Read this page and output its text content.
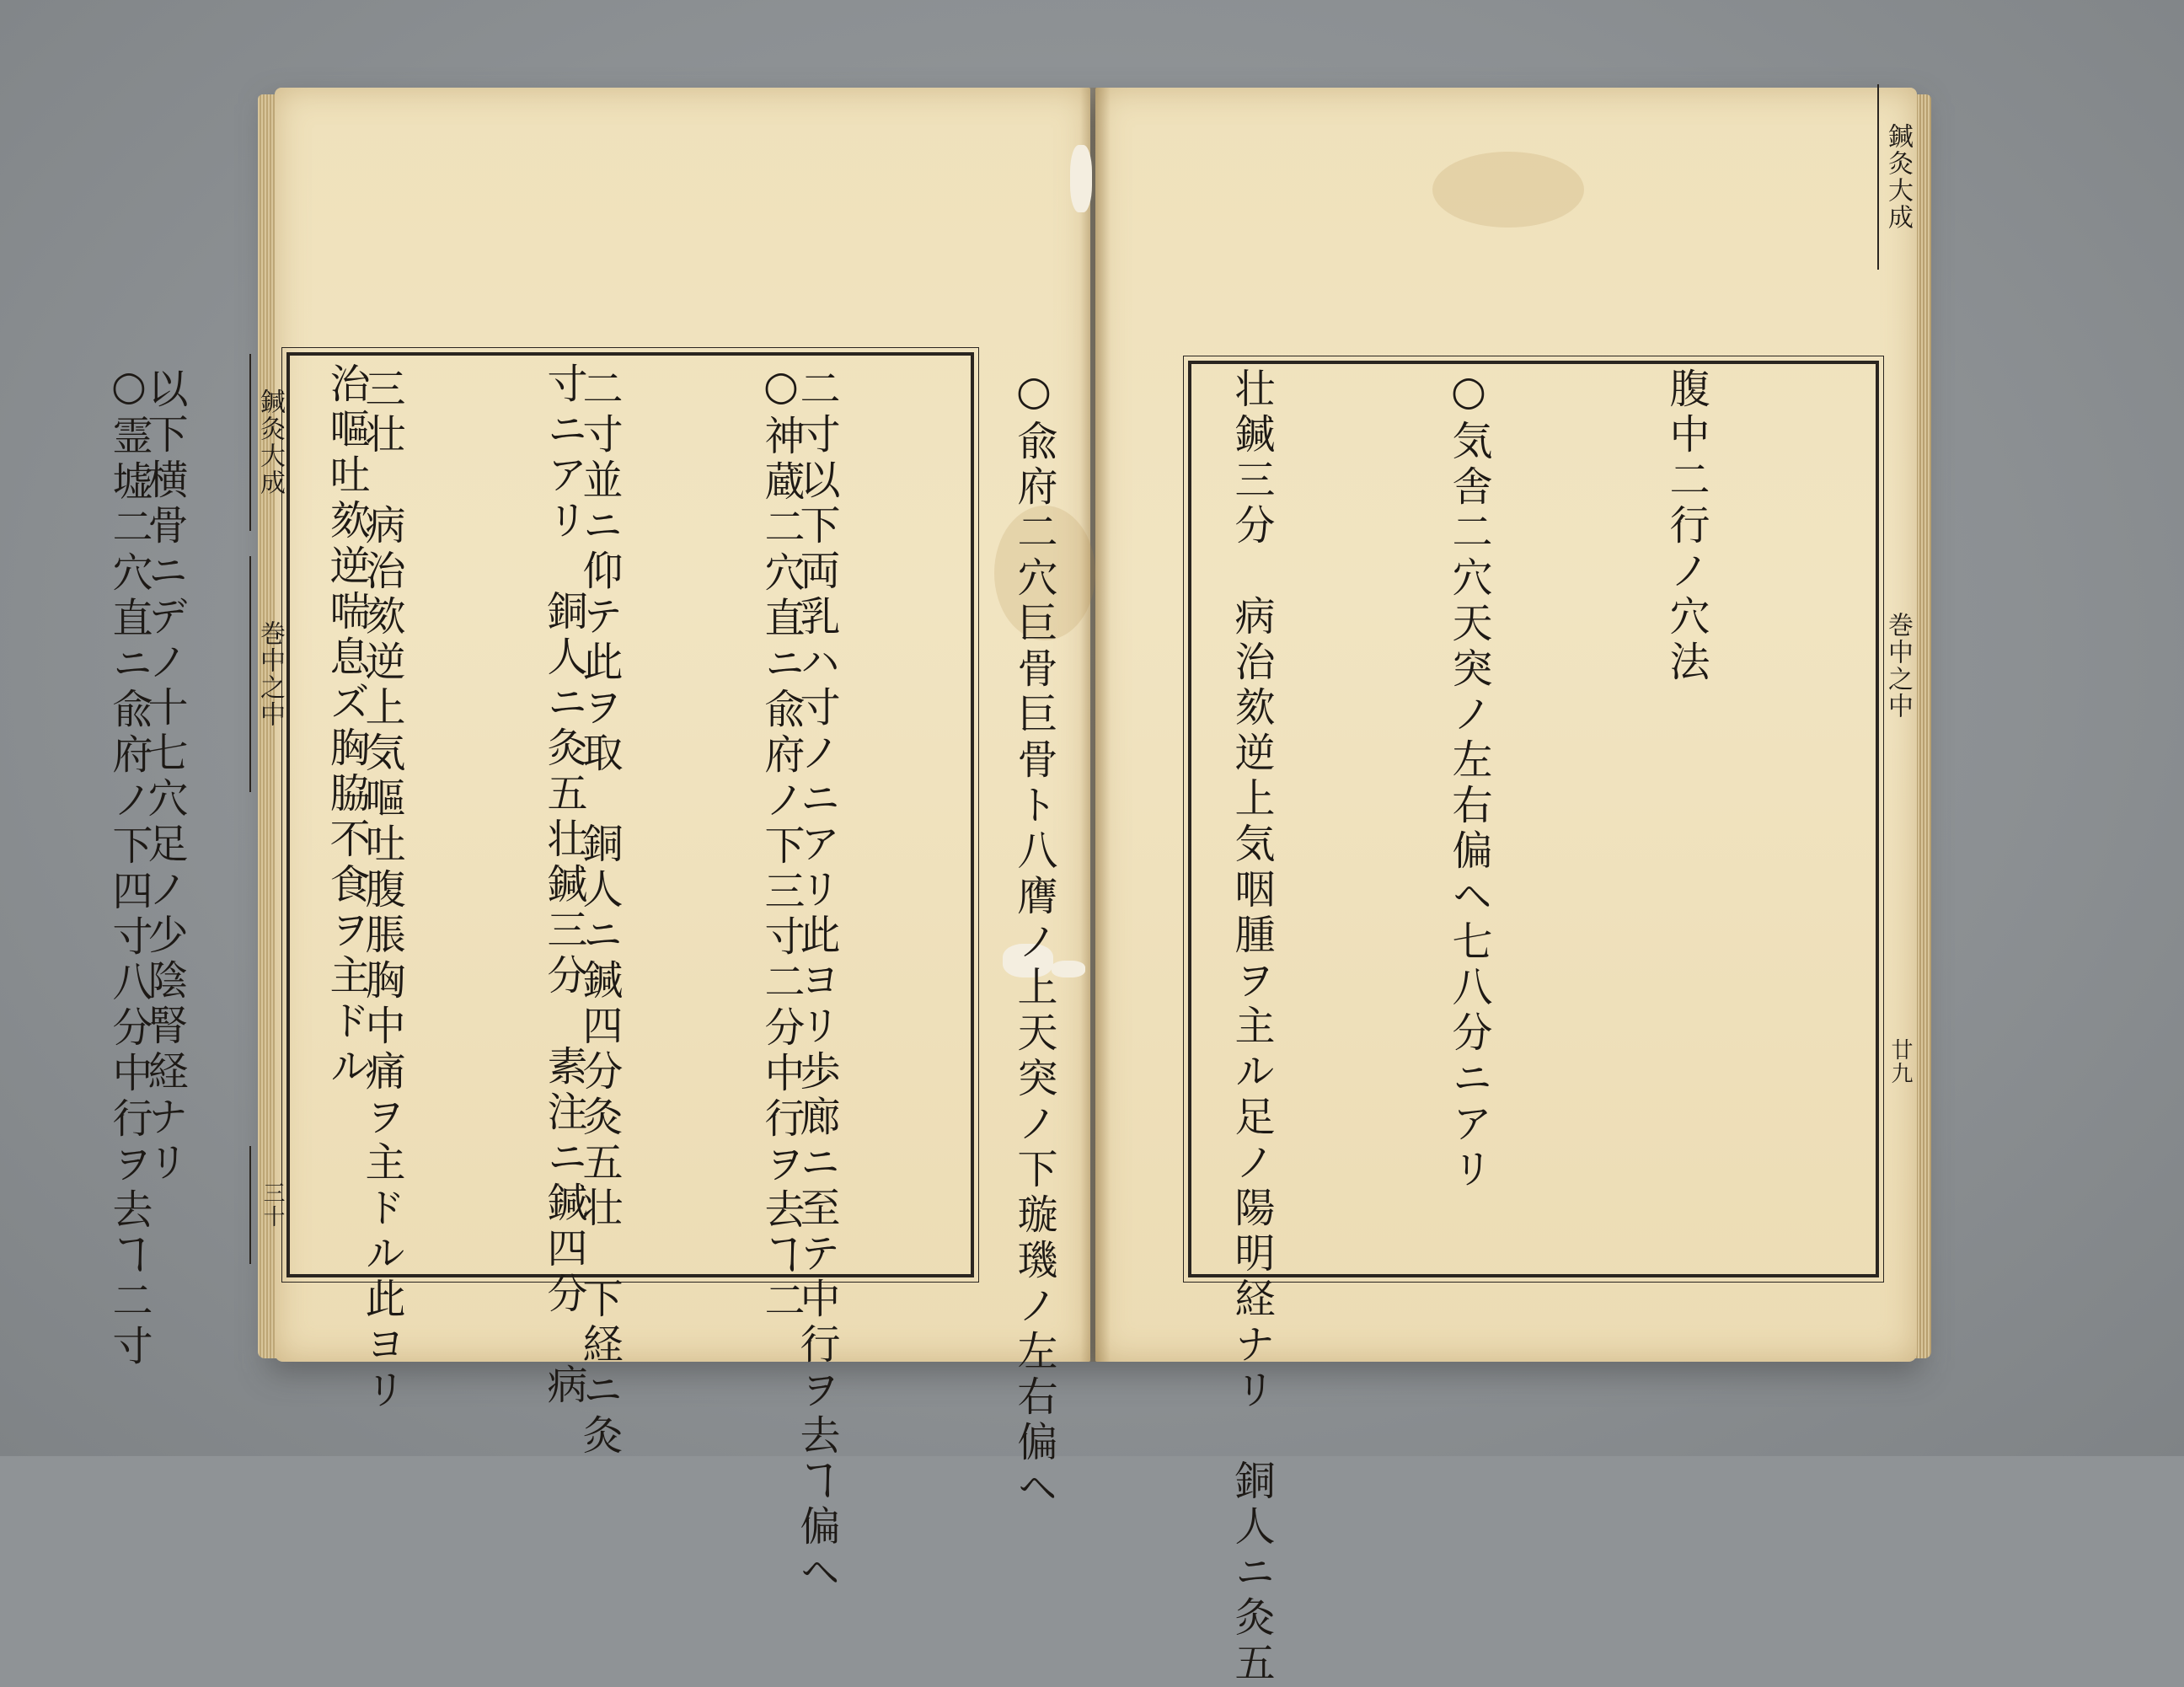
鍼灸大成
巻中之中
三十
鍼灸大成
巻中之中
廿九

腹中二行ノ穴法

○気舎二穴天突ノ左右偏ヘ七八分ニアリ

壮鍼三分　病治欬逆上気咽腫ヲ主ル足ノ陽明経ナリ　銅人ニ灸五

○兪府二穴巨骨巨骨ト八膺ノ上天突ノ下璇璣ノ左右偏ヘ

二寸以下両乳ハ寸ノニアリ此ヨリ歩廊ニ至テ中行ヲ去ヿ偏ヘ

二寸並ニ仰テ此ヲ取　銅人ニ鍼四分灸五壮　下経ニ灸

三壮　病治欬逆上気嘔吐腹脹胸中痛ヲ主ドル此ヨリ

以下横骨ニデノ十七穴足ノ少陰腎経ナリ

	○神蔵二穴直ニ兪府ノ下三寸二分中行ヲ去ヿ二

寸ニアリ　銅人ニ灸五壮鍼三分　素注ニ鍼四分　病

治嘔吐欬逆喘息ズ胸脇不食ヲ主ドル

○霊墟二穴直ニ兪府ノ下四寸八分中行ヲ去ヿ二寸
